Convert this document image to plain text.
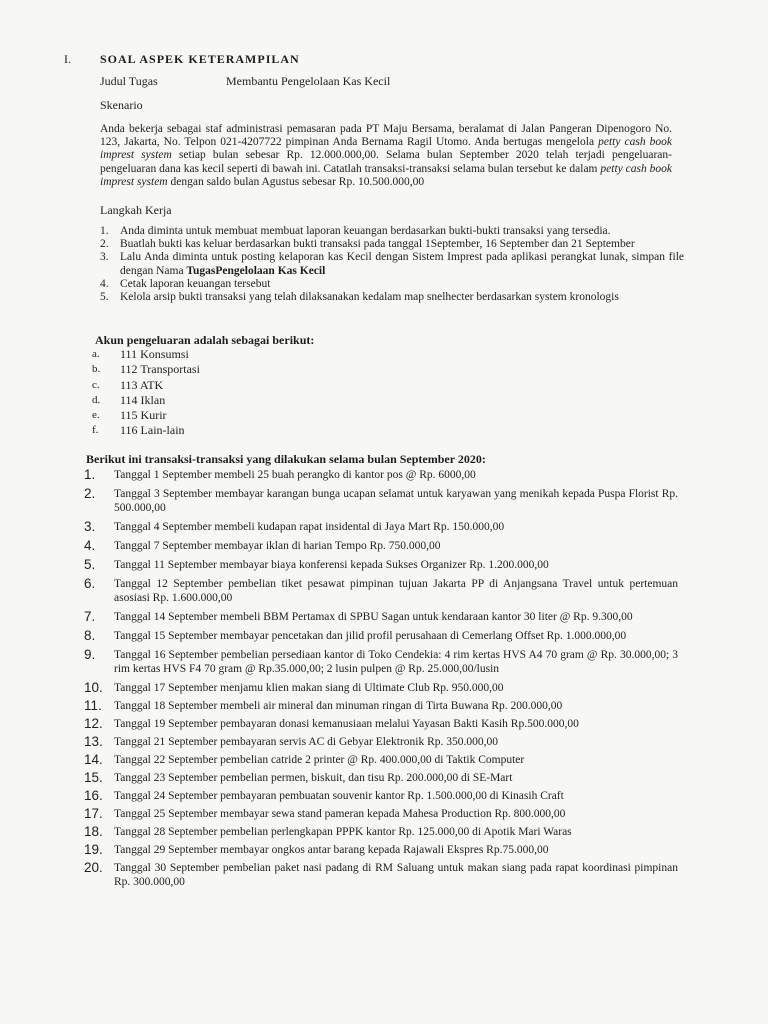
I. SOAL ASPEK KETERAMPILAN
Judul Tugas	Membantu Pengelolaan Kas Kecil
Skenario
Anda bekerja sebagai staf administrasi pemasaran pada PT Maju Bersama, beralamat di Jalan Pangeran Dipenogoro No. 123, Jakarta, No. Telpon 021-4207722 pimpinan Anda Bernama Ragil Utomo. Anda bertugas mengelola petty cash book imprest system setiap bulan sebesar Rp. 12.000.000,00. Selama bulan September 2020 telah terjadi pengeluaran-pengeluaran dana kas kecil seperti di bawah ini. Catatlah transaksi-transaksi selama bulan tersebut ke dalam petty cash book imprest system dengan saldo bulan Agustus sebesar Rp. 10.500.000,00
Langkah Kerja
1. Anda diminta untuk membuat membuat laporan keuangan berdasarkan bukti-bukti transaksi yang tersedia.
2. Buatlah bukti kas keluar berdasarkan bukti transaksi pada tanggal 1September, 16 September dan 21 September
3. Lalu Anda diminta untuk posting kelaporan kas Kecil dengan Sistem Imprest pada aplikasi perangkat lunak, simpan file dengan Nama TugasPengelolaan Kas Kecil
4. Cetak laporan keuangan tersebut
5. Kelola arsip bukti transaksi yang telah dilaksanakan kedalam map snelhecter berdasarkan system kronologis
Akun pengeluaran adalah sebagai berikut:
a.	111 Konsumsi
b.	112 Transportasi
c.	113 ATK
d.	114 Iklan
e.	115 Kurir
f.	116 Lain-lain
Berikut ini transaksi-transaksi yang dilakukan selama bulan September 2020:
1.	Tanggal 1 September membeli 25 buah perangko di kantor pos @ Rp. 6000,00
2.	Tanggal 3 September membayar karangan bunga ucapan selamat untuk karyawan yang menikah kepada Puspa Florist Rp. 500.000,00
3.	Tanggal 4 September membeli kudapan rapat insidental di Jaya Mart Rp. 150.000,00
4.	Tanggal 7 September membayar iklan di harian Tempo Rp. 750.000,00
5.	Tanggal 11 September membayar biaya konferensi kepada Sukses Organizer Rp. 1.200.000,00
6.	Tanggal 12 September pembelian tiket pesawat pimpinan tujuan Jakarta PP di Anjangsana Travel untuk pertemuan asosiasi Rp. 1.600.000,00
7.	Tanggal 14 September membeli BBM Pertamax di SPBU Sagan untuk kendaraan kantor 30 liter @ Rp. 9.300,00
8.	Tanggal 15 September membayar pencetakan dan jilid profil perusahaan di Cemerlang Offset Rp. 1.000.000,00
9.	Tanggal 16 September pembelian persediaan kantor di Toko Cendekia: 4 rim kertas HVS A4 70 gram @ Rp. 30.000,00; 3 rim kertas HVS F4 70 gram @ Rp.35.000,00; 2 lusin pulpen @ Rp. 25.000,00/lusin
10. Tanggal 17 September menjamu klien makan siang di Ultimate Club Rp. 950.000,00
11.	Tanggal 18 September membeli air mineral dan minuman ringan di Tirta Buwana Rp. 200.000,00
12. Tanggal 19 September pembayaran donasi kemanusiaan melalui Yayasan Bakti Kasih Rp.500.000,00
13. Tanggal 21 September pembayaran servis AC di Gebyar Elektronik Rp. 350.000,00
14. Tanggal 22 September pembelian catride 2 printer @ Rp. 400.000,00 di Taktik Computer
15. Tanggal 23 September pembelian permen, biskuit, dan tisu Rp. 200.000,00 di SE-Mart
16. Tanggal 24 September pembayaran pembuatan souvenir kantor Rp. 1.500.000,00 di Kinasih Craft
17. Tanggal 25 September membayar sewa stand pameran kepada Mahesa Production Rp. 800.000,00
18. Tanggal 28 September pembelian perlengkapan PPPK kantor Rp. 125.000,00 di Apotik Mari Waras
19. Tanggal 29 September membayar ongkos antar barang kepada Rajawali Ekspres Rp.75.000,00
20. Tanggal 30 September pembelian paket nasi padang di RM Saluang untuk makan siang pada rapat koordinasi pimpinan Rp. 300.000,00
